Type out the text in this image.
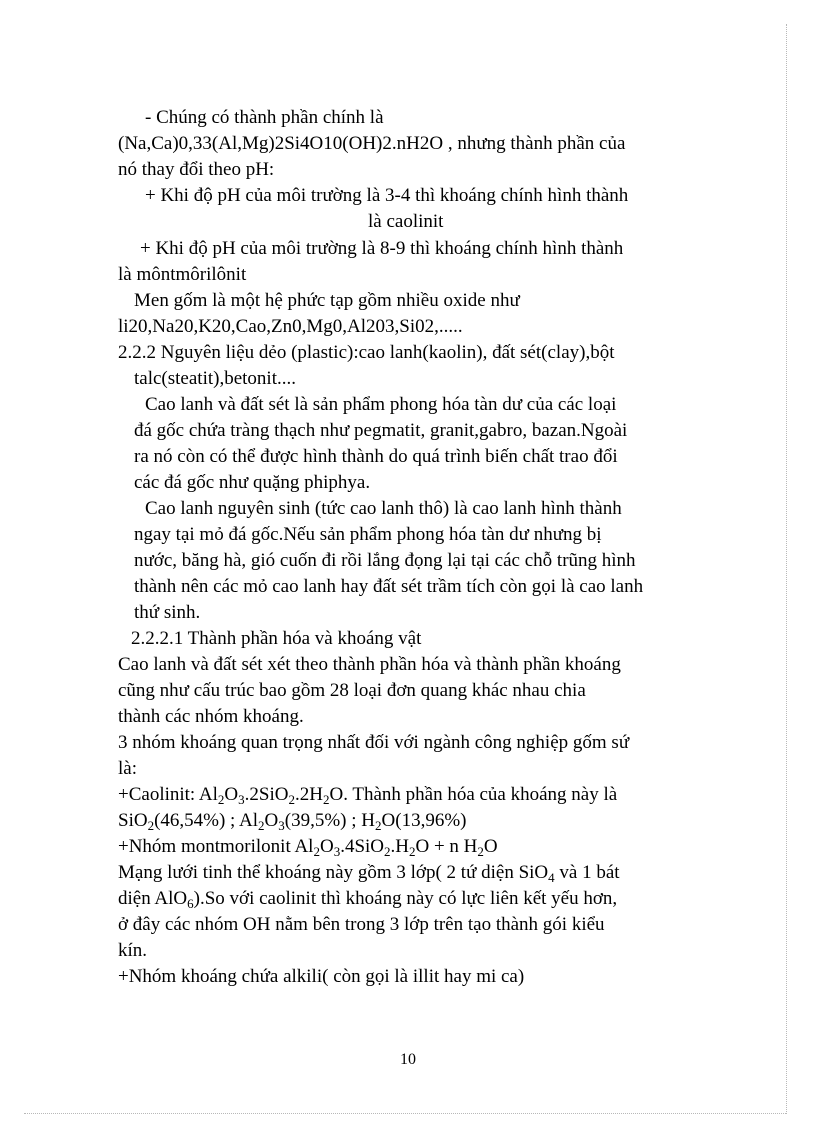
- Chúng có thành phần chính là
(Na,Ca)0,33(Al,Mg)2Si4O10(OH)2.nH2O , nhưng thành phần của
nó thay đổi theo pH:
+ Khi độ pH của môi trường là 3-4 thì khoáng chính hình thành
là caolinit
+ Khi độ pH của môi trường là 8-9 thì khoáng chính hình thành
là môntmôrilônit
Men gốm là một hệ phức tạp gồm nhiều oxide như
li20,Na20,K20,Cao,Zn0,Mg0,Al203,Si02,.....
2.2.2 Nguyên liệu dẻo (plastic):cao lanh(kaolin), đất sét(clay),bột
talc(steatit),betonit....
Cao lanh và đất sét là sản phẩm phong hóa tàn dư của các loại
đá gốc chứa tràng thạch như pegmatit, granit,gabro, bazan.Ngoài
ra nó còn có thể được hình thành do quá trình biến chất trao đổi
các đá gốc như quặng phiphya.
Cao lanh nguyên sinh (tức cao lanh thô) là cao lanh hình thành
ngay tại mỏ đá gốc.Nếu sản phẩm phong hóa tàn dư nhưng bị
nước, băng hà, gió cuốn đi rồi lắng đọng lại tại các chỗ trũng hình
thành nên các mỏ cao lanh hay đất sét trầm tích còn gọi là cao lanh
thứ sinh.
2.2.2.1 Thành phần hóa và khoáng vật
Cao lanh và đất sét xét theo thành phần hóa và thành phần khoáng
cũng như cấu trúc bao gồm 28 loại đơn quang khác nhau chia
thành các nhóm khoáng.
3 nhóm khoáng quan trọng nhất đối với ngành công nghiệp gốm sứ
là:
+Caolinit: $Al_2O_3.2SiO_2.2H_2O$. Thành phần hóa của khoáng này là
SiO$_2$(46,54%) ; $Al_2O_3(39,5\%)$ ; $H_2O(13,96\%)$
+Nhóm montmorilonit $Al_2O_3.4SiO_2.H_2O + n$ $H_2O$
Mạng lưới tinh thể khoáng này gồm 3 lớp( 2 tứ diện SiO$_4$ và 1 bát
diện AlO$_6$).So với caolinit thì khoáng này có lực liên kết yếu hơn,
ở đây các nhóm OH nằm bên trong 3 lớp trên tạo thành gói kiểu
kín.
+Nhóm khoáng chứa alkili( còn gọi là illit hay mi ca)
10
